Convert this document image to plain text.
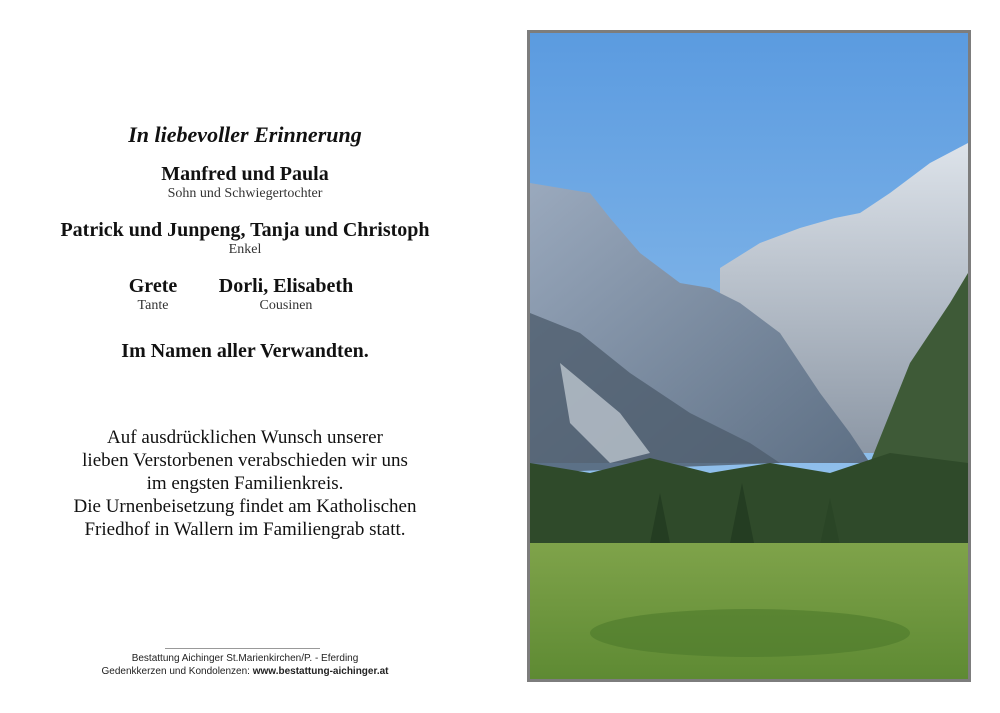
In liebevoller Erinnerung
Manfred und Paula
Sohn und Schwiegertochter
Patrick und Junpeng, Tanja und Christoph
Enkel
Grete
Tante
Dorli, Elisabeth
Cousinen
Im Namen aller Verwandten.
Auf ausdrücklichen Wunsch unserer
lieben Verstorbenen verabschieden wir uns
im engsten Familienkreis.
Die Urnenbeisetzung findet am Katholischen
Friedhof in Wallern im Familiengrab statt.
Bestattung Aichinger St.Marienkirchen/P. - Eferding
Gedenkkerzen und Kondolenzen: www.bestattung-aichinger.at
